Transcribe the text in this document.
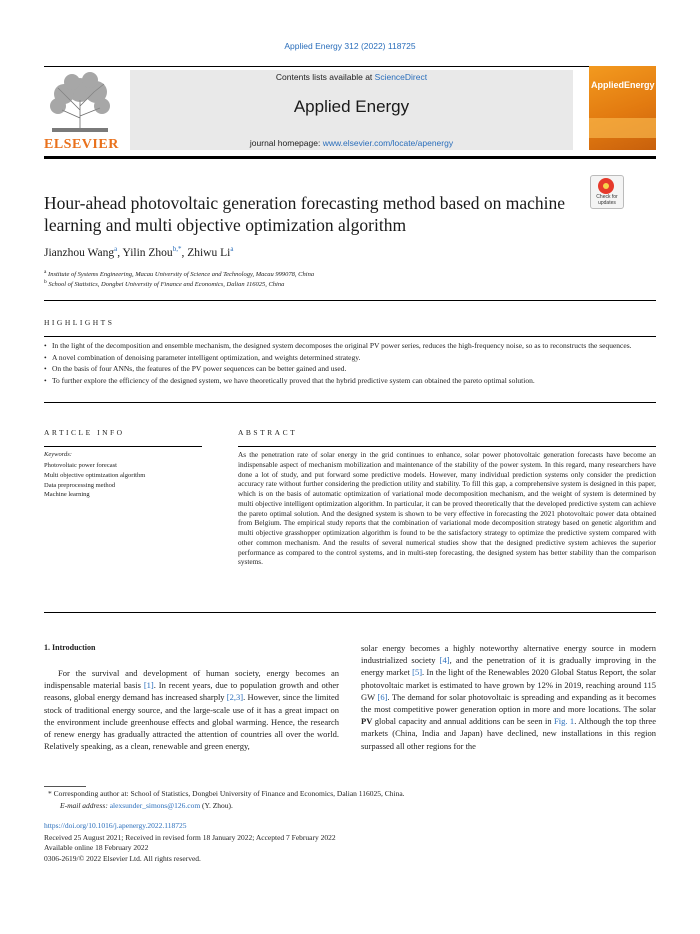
Applied Energy 312 (2022) 118725
ELSEVIER
Contents lists available at ScienceDirect
Applied Energy
journal homepage: www.elsevier.com/locate/apenergy
AppliedEnergy
Hour-ahead photovoltaic generation forecasting method based on machine learning and multi objective optimization algorithm
Check for updates
Jianzhou Wang$^a$, Yilin Zhou$^{b,*}$, Zhiwu Li$^a$
$^a$ Institute of Systems Engineering, Macau University of Science and Technology, Macau 999078, China
$^b$ School of Statistics, Dongbei University of Finance and Economics, Dalian 116025, China
HIGHLIGHTS
• In the light of the decomposition and ensemble mechanism, the designed system decomposes the original PV power series, reduces the high-frequency noise, so as to reconstructs the sequences.
• A novel combination of denoising parameter intelligent optimization, and weights determined strategy.
• On the basis of four ANNs, the features of the PV power sequences can be better gained and used.
• To further explore the efficiency of the designed system, we have theoretically proved that the hybrid predictive system can obtained the pareto optimal solution.
ARTICLE INFO
Keywords:
Photovoltaic power forecast
Multi objective optimization algorithm
Data preprocessing method
Machine learning
ABSTRACT
As the penetration rate of solar energy in the grid continues to enhance, solar power photovoltaic generation forecasts have become an indispensable aspect of mechanism mobilization and maintenance of the stability of the power system. In this regard, many researchers have done a lot of study, and put forward some predictive models. However, many individual prediction systems only consider the prediction accuracy rate without further considering the prediction utility and stability. To fill this gap, a comprehensive system is designed in this paper, which is on the basis of automatic optimization of variational mode decomposition mechanism, and the weight of system is determined by multi objective intelligent optimization algorithm. In particular, it can be proved theoretically that the developed predictive system can achieve the pareto optimal solution. And the designed system is shown to be very effective in forecasting the 2021 photovoltaic power data obtained from Belgium. The empirical study reports that the combination of variational mode decomposition strategy based on genetic algorithm and multi objective grasshopper optimization algorithm is found to be the satisfactory strategy to optimize the predictive system compared with other common mechanism. And the results of several numerical studies show that the designed predictive system achieves the superior performance as compared to the control systems, and in multi-step forecasting, the designed system has better stability than the comparison systems.
1. Introduction
For the survival and development of human society, energy becomes an indispensable material basis [1]. In recent years, due to population growth and other reasons, global energy demand has increased sharply [2,3]. However, since the limited stock of traditional energy source, and the large-scale use of it has a great impact on the environment include greenhouse effects and global warming. Hence, the research of renew energy has gradually attracted the attention of countries all over the world. Relatively speaking, as a clean, renewable and green energy,
solar energy becomes a highly noteworthy alternative energy source in modern industrialized society [4], and the penetration of it is gradually improving in the energy market [5]. In the light of the Renewables 2020 Global Status Report, the solar photovoltaic market is estimated to have grown by 12% in 2019, reaching around 115 GW [6]. The demand for solar photovoltaic is spreading and expanding as it becomes the most competitive power generation option in more and more locations. The solar PV global capacity and annual additions can be seen in Fig. 1. Although the top three markets (China, India and Japan) have declined, new installations in this region surpassed all other regions for the
* Corresponding author at: School of Statistics, Dongbei University of Finance and Economics, Dalian 116025, China.
E-mail address: alexsunder_simons@126.com (Y. Zhou).
https://doi.org/10.1016/j.apenergy.2022.118725
Received 25 August 2021; Received in revised form 18 January 2022; Accepted 7 February 2022
Available online 18 February 2022
0306-2619/© 2022 Elsevier Ltd. All rights reserved.
